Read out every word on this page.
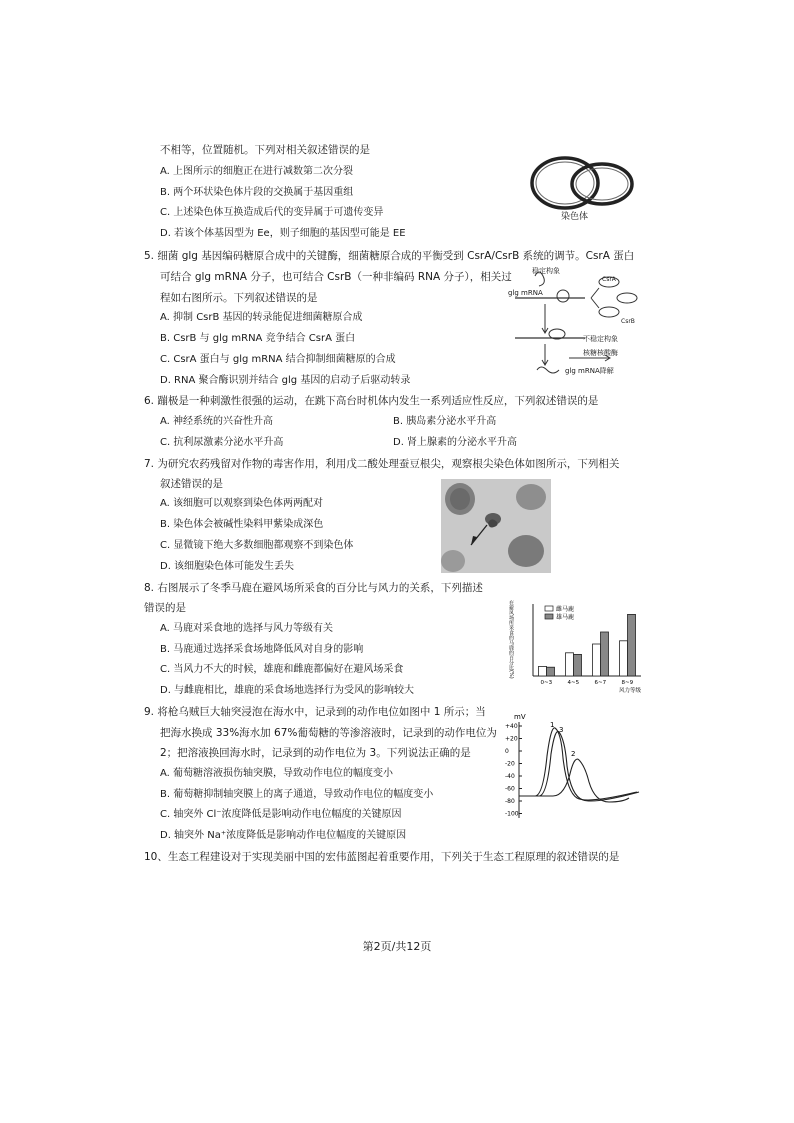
不相等，位置随机。下列对相关叙述错误的是
A. 上图所示的细胞正在进行减数第二次分裂
B. 两个环状染色体片段的交换属于基因重组
C. 上述染色体互换造成后代的变异属于可遗传变异
D. 若该个体基因型为 Ee，则子细胞的基因型可能是 EE
染色体
5. 细菌 glg 基因编码糖原合成中的关键酶，细菌糖原合成的平衡受到 CsrA/CsrB 系统的调节。CsrA 蛋白
可结合 glg mRNA 分子，也可结合 CsrB（一种非编码 RNA 分子），相关过
程如右图所示。下列叙述错误的是
A. 抑制 CsrB 基因的转录能促进细菌糖原合成
B. CsrB 与 glg mRNA 竞争结合 CsrA 蛋白
C. CsrA 蛋白与 glg mRNA 结合抑制细菌糖原的合成
D. RNA 聚合酶识别并结合 glg 基因的启动子后驱动转录
稳定构象
glg mRNA
CsrA
CsrB
不稳定构象
核糖核酸酶
glg mRNA降解
6. 蹦极是一种刺激性很强的运动，在跳下高台时机体内发生一系列适应性反应，下列叙述错误的是
A. 神经系统的兴奋性升高	B. 胰岛素分泌水平升高
C. 抗利尿激素分泌水平升高	D. 肾上腺素的分泌水平升高
7. 为研究农药残留对作物的毒害作用，利用戊二酸处理蚕豆根尖，观察根尖染色体如图所示，下列相关
叙述错误的是
A. 该细胞可以观察到染色体两两配对
B. 染色体会被碱性染料甲紫染成深色
C. 显微镜下绝大多数细胞都观察不到染色体
D. 该细胞染色体可能发生丢失
8. 右图展示了冬季马鹿在避风场所采食的百分比与风力的关系，下列描述
错误的是
A. 马鹿对采食地的选择与风力等级有关
B. 马鹿通过选择采食场地降低风对自身的影响
C. 当风力不大的时候，雄鹿和雌鹿都偏好在避风场采食
D. 与雌鹿相比，雄鹿的采食场地选择行为受风的影响较大
在避风场所采食的马鹿的百分比(%)
0~3	4~5	6~7	8~9
风力等级
雌马鹿
雄马鹿
9. 将枪乌贼巨大轴突浸泡在海水中，记录到的动作电位如图中 1 所示；当
把海水换成 33%海水加 67%葡萄糖的等渗溶液时，记录到的动作电位为
2；把溶液换回海水时，记录到的动作电位为 3。下列说法正确的是
A. 葡萄糖溶液损伤轴突膜，导致动作电位的幅度变小
B. 葡萄糖抑制轴突膜上的离子通道，导致动作电位的幅度变小
C. 轴突外 Cl⁻浓度降低是影响动作电位幅度的关键原因
D. 轴突外 Na⁺浓度降低是影响动作电位幅度的关键原因
mV
+40
+20
0
-20
-40
-60
-80
-100
1
3
2
10、生态工程建设对于实现美丽中国的宏伟蓝图起着重要作用，下列关于生态工程原理的叙述错误的是
第2页/共12页
